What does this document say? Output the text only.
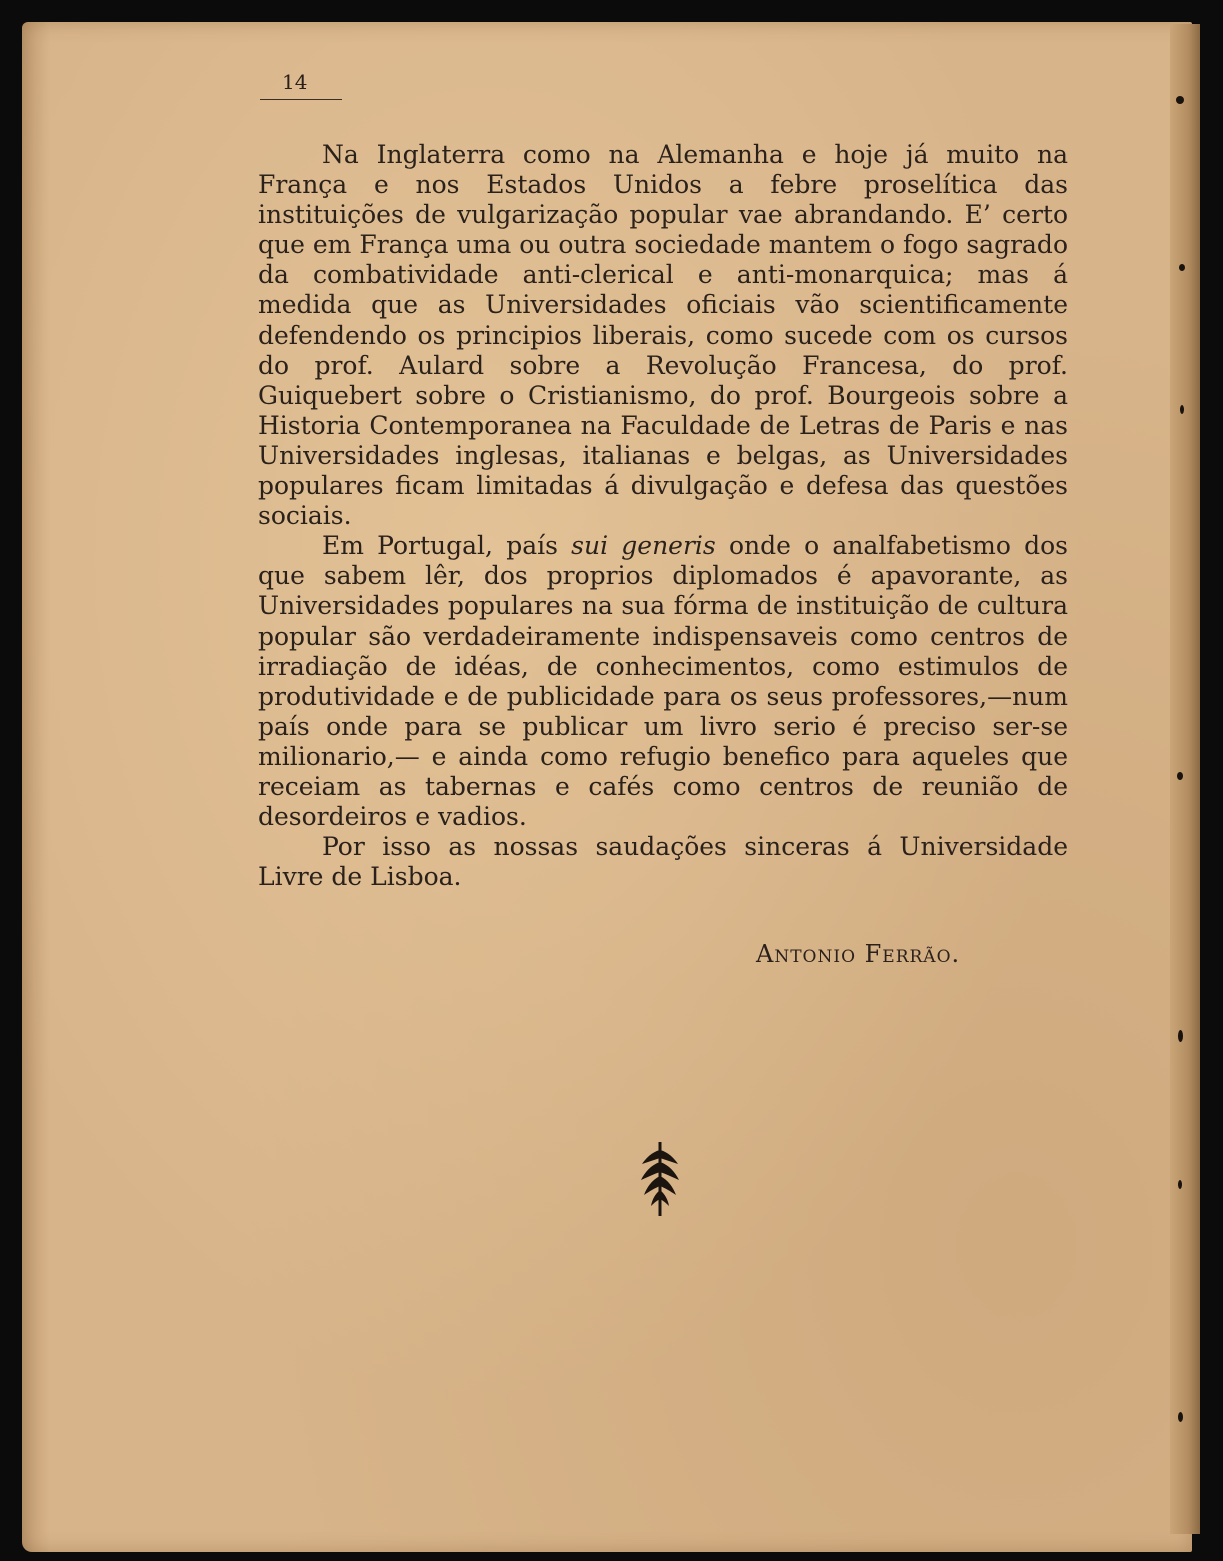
14

Na Inglaterra como na Alemanha e hoje já muito na França e nos Estados Unidos a febre proselítica das instituições de vulgarização popular vae abrandando. E’ certo que em França uma ou outra sociedade mantem o fogo sagrado da combatividade anti-clerical e anti-monarquica; mas á medida que as Universidades oficiais vão scientificamente defendendo os principios liberais, como sucede com os cursos do prof. Aulard sobre a Revolução Francesa, do prof. Guiquebert sobre o Cristianismo, do prof. Bourgeois sobre a Historia Contemporanea na Faculdade de Letras de Paris e nas Universidades inglesas, italianas e belgas, as Universidades populares ficam limitadas á divulgação e defesa das questões sociais.

Em Portugal, país sui generis onde o analfabetismo dos que sabem lêr, dos proprios diplomados é apavorante, as Universidades populares na sua fórma de instituição de cultura popular são verdadeiramente indispensaveis como centros de irradiação de idéas, de conhecimentos, como estimulos de produtividade e de publicidade para os seus professores,—num país onde para se publicar um livro serio é preciso ser-se milionario,— e ainda como refugio benefico para aqueles que receiam as tabernas e cafés como centros de reunião de desordeiros e vadios.

Por isso as nossas saudações sinceras á Universidade Livre de Lisboa.

Antonio Ferrão.
